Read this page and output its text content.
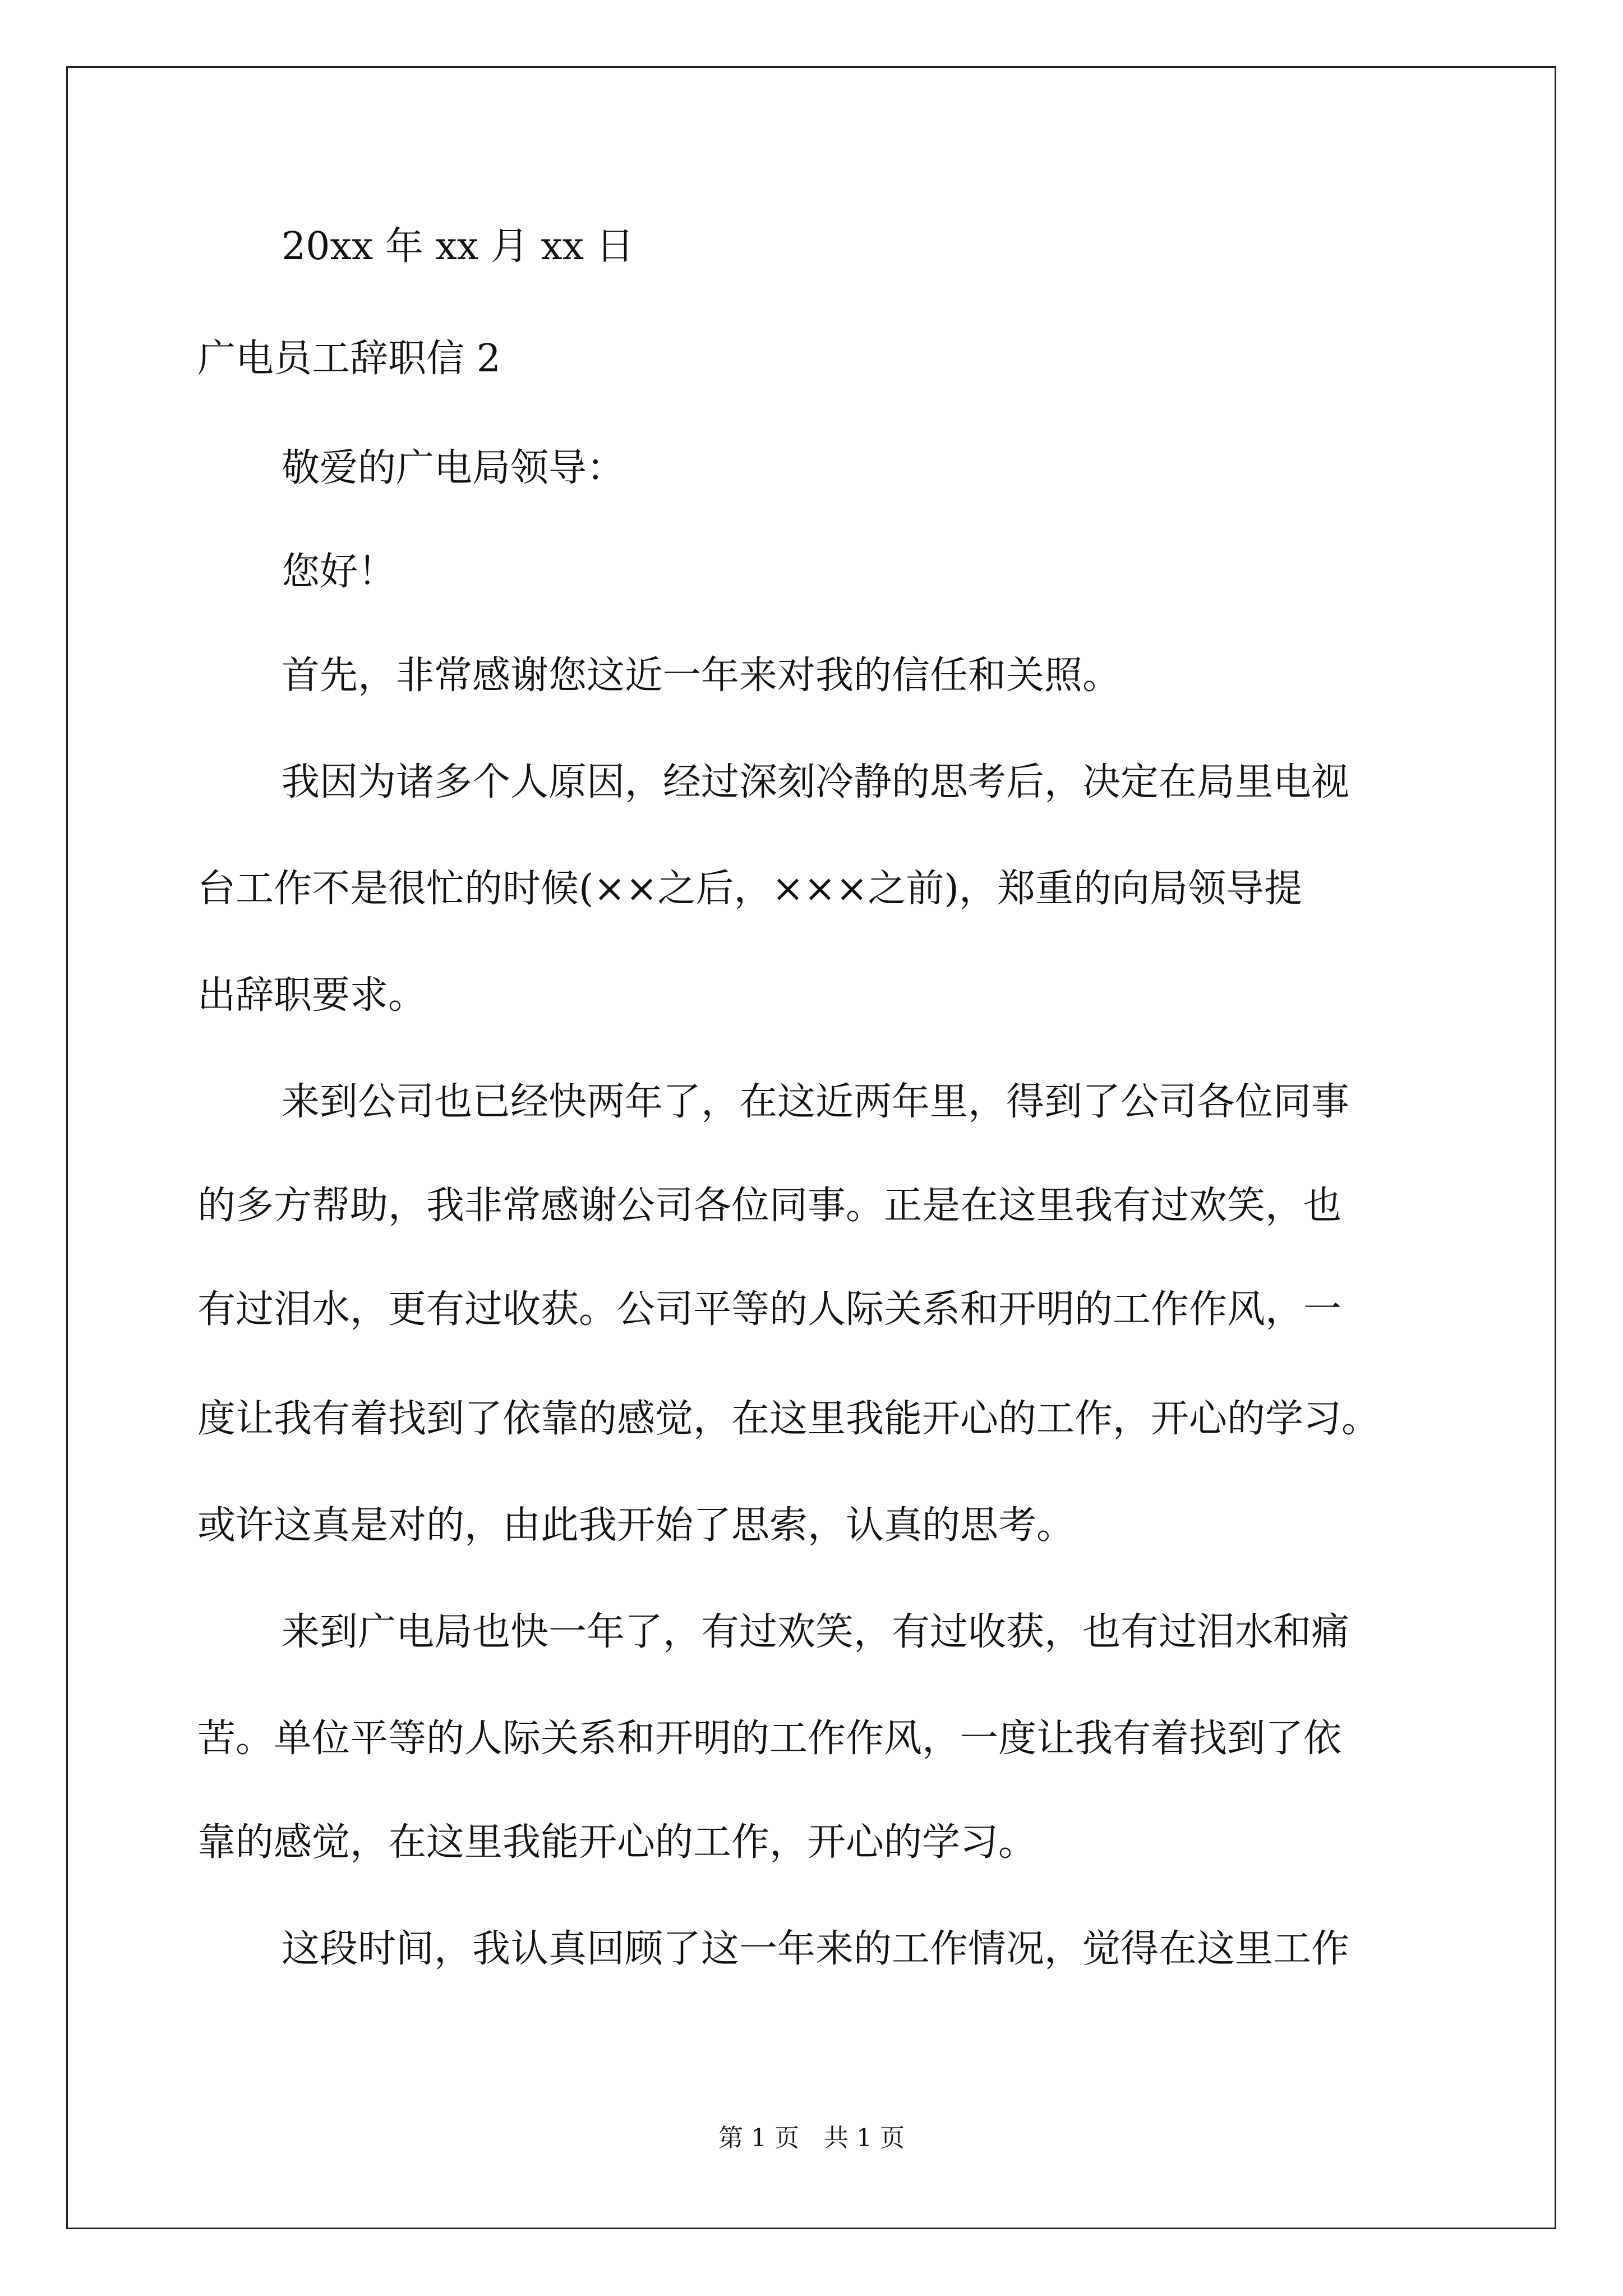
20xx 年 xx 月 xx 日
广电员工辞职信 2
敬爱的广电局领导：
您好！
首先，非常感谢您这近一年来对我的信任和关照。
我因为诸多个人原因，经过深刻冷静的思考后，决定在局里电视
台工作不是很忙的时候(××之后，×××之前)，郑重的向局领导提
出辞职要求。
来到公司也已经快两年了，在这近两年里，得到了公司各位同事
的多方帮助，我非常感谢公司各位同事。正是在这里我有过欢笑，也
有过泪水，更有过收获。公司平等的人际关系和开明的工作作风，一
度让我有着找到了依靠的感觉，在这里我能开心的工作，开心的学习。
或许这真是对的，由此我开始了思索，认真的思考。
来到广电局也快一年了，有过欢笑，有过收获，也有过泪水和痛
苦。单位平等的人际关系和开明的工作作风，一度让我有着找到了依
靠的感觉，在这里我能开心的工作，开心的学习。
这段时间，我认真回顾了这一年来的工作情况，觉得在这里工作
第 1 页　共 1 页
